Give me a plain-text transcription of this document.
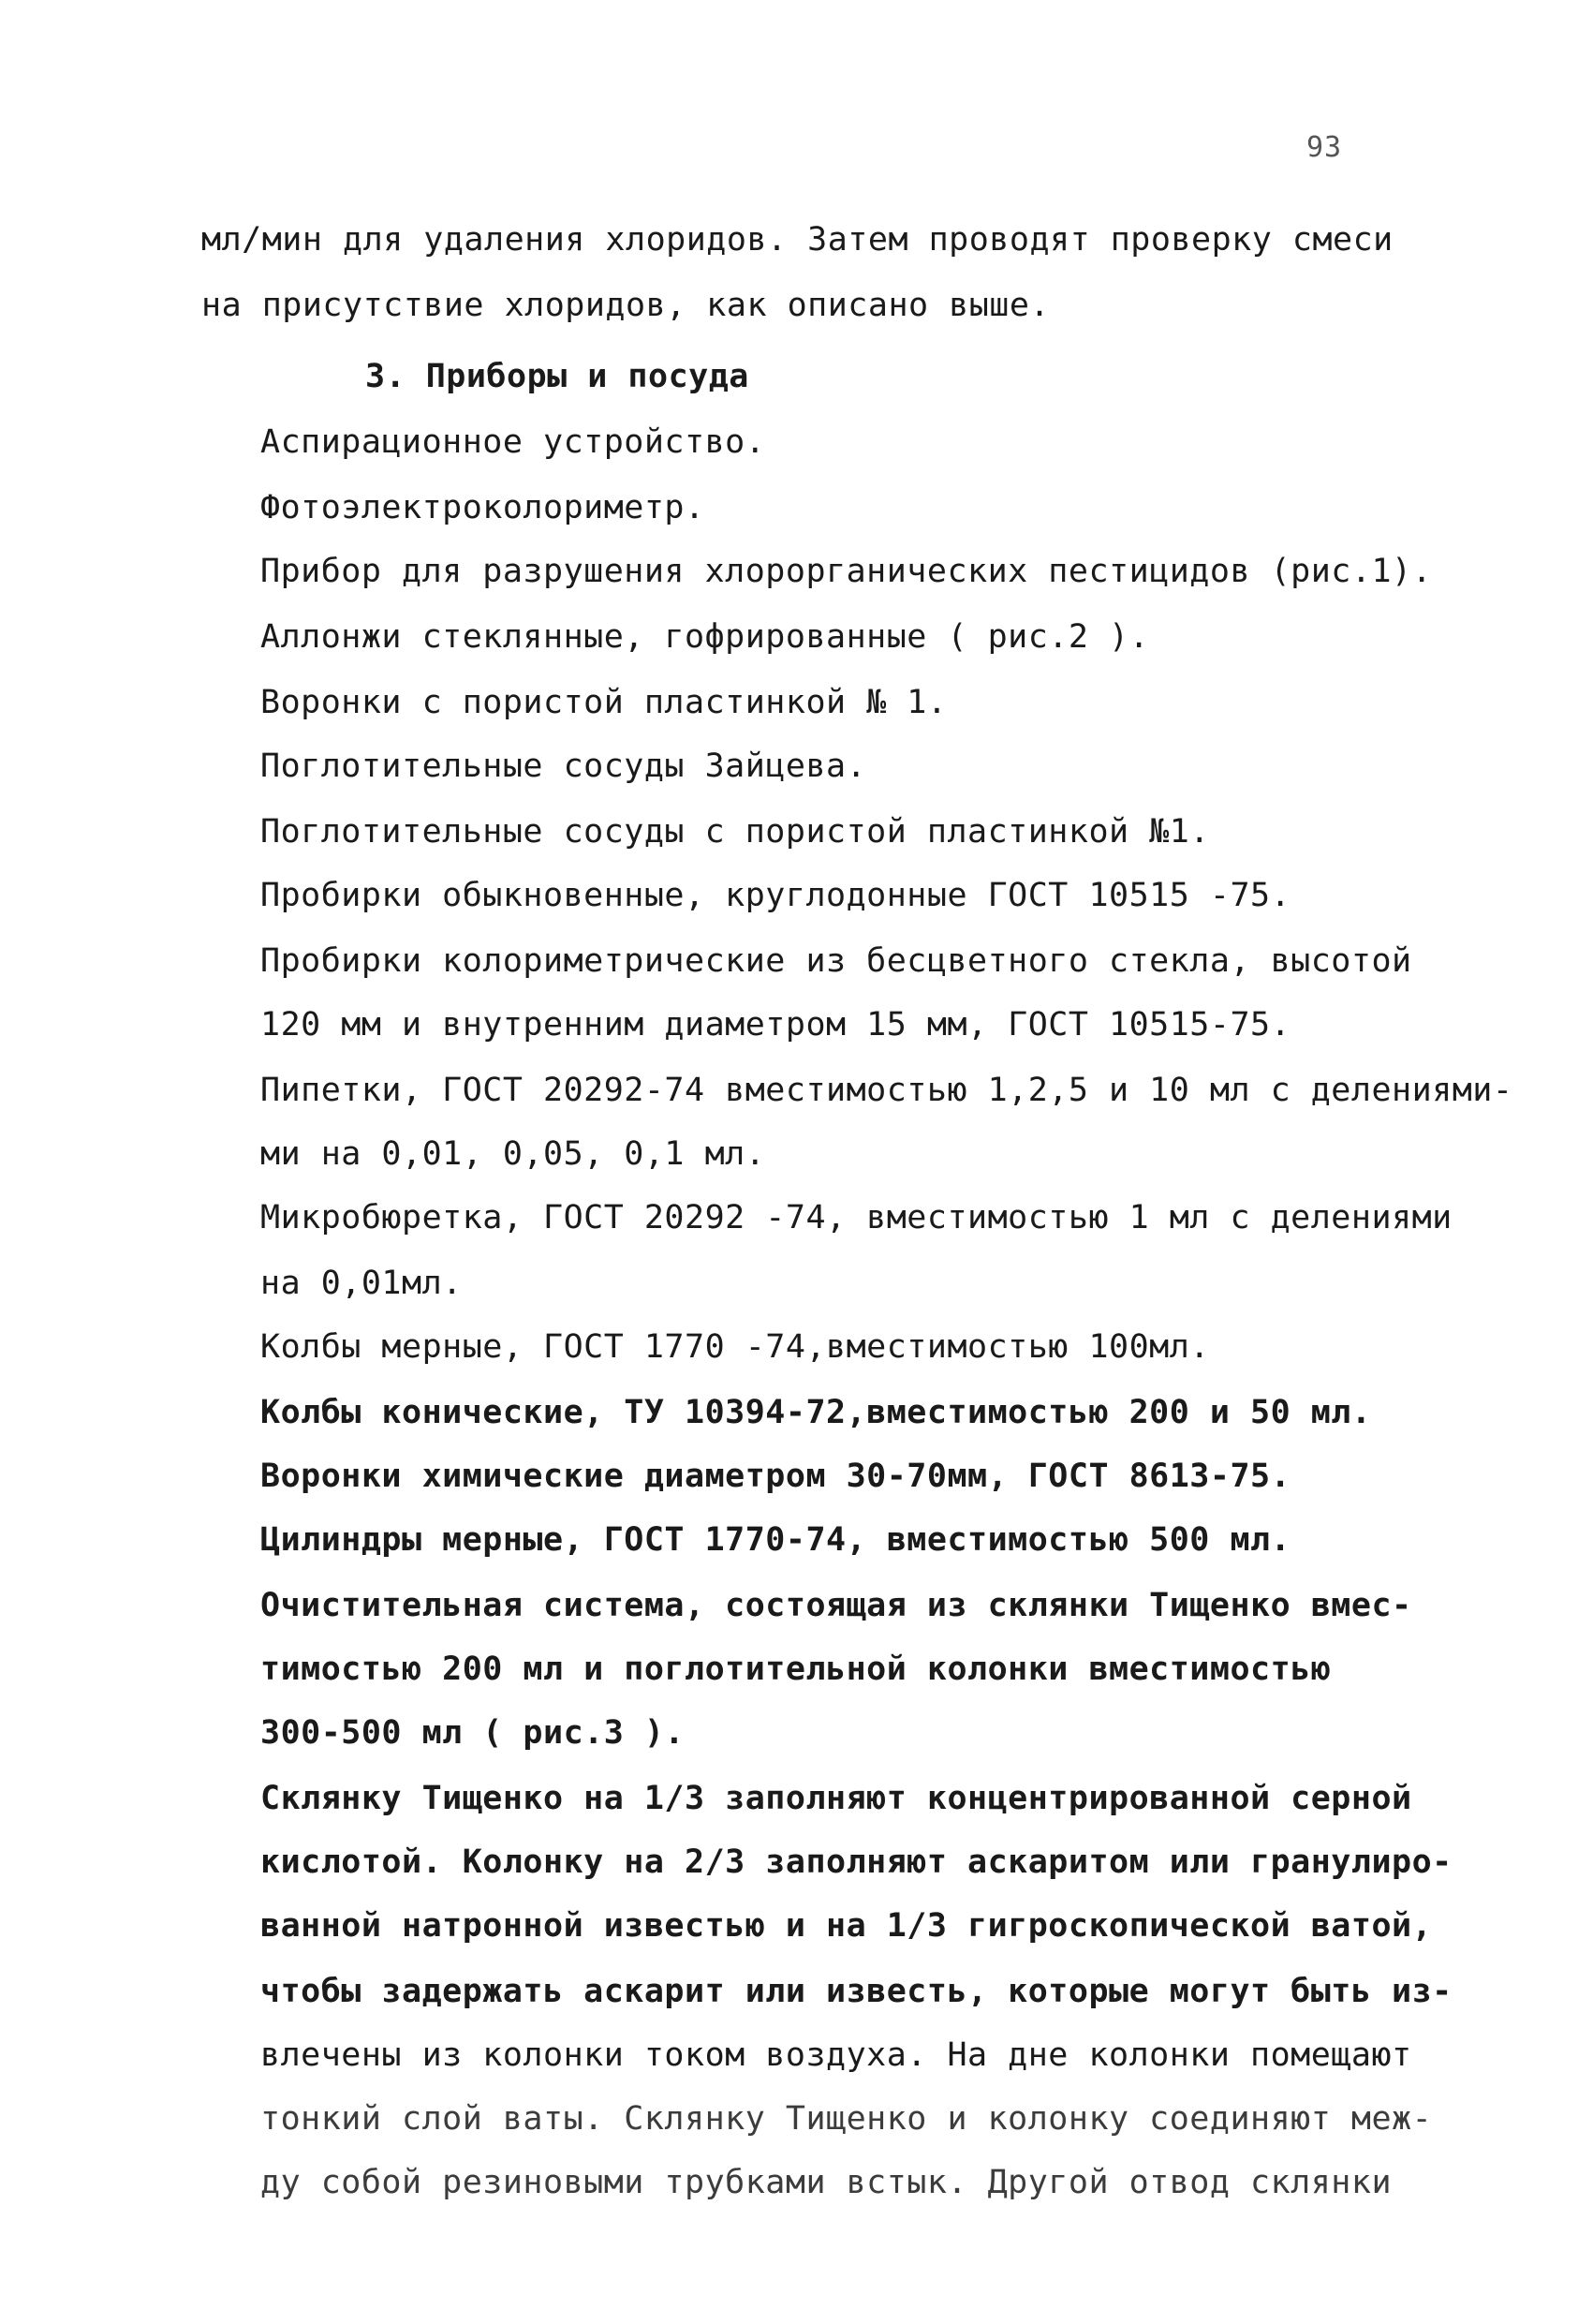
93
мл/мин для удаления хлоридов. Затем проводят проверку смеси
на присутствие хлоридов, как описано выше.
3. Приборы и посуда
Аспирационное устройство.
Фотоэлектроколориметр.
Прибор для разрушения хлорорганических пестицидов (рис.1).
Аллонжи стеклянные, гофрированные ( рис.2 ).
Воронки с пористой пластинкой № 1.
Поглотительные сосуды Зайцева.
Поглотительные сосуды с пористой пластинкой №1.
Пробирки обыкновенные, круглодонные ГОСТ 10515 -75.
Пробирки колориметрические из бесцветного стекла, высотой
120 мм и внутренним диаметром 15 мм, ГОСТ 10515-75.
Пипетки, ГОСТ 20292-74 вместимостью 1,2,5 и 10 мл с делениями-
ми на 0,01, 0,05, 0,1 мл.
Микробюретка, ГОСТ 20292 -74, вместимостью 1 мл с делениями
на 0,01мл.
Колбы мерные, ГОСТ 1770 -74,вместимостью 100мл.
Колбы конические, ТУ 10394-72,вместимостью 200 и 50 мл.
Воронки химические диаметром 30-70мм, ГОСТ 8613-75.
Цилиндры мерные, ГОСТ 1770-74, вместимостью 500 мл.
Очистительная система, состоящая из склянки Тищенко вмес-
тимостью 200 мл и поглотительной колонки вместимостью
300-500 мл ( рис.3 ).
Склянку Тищенко на 1/3 заполняют концентрированной серной
кислотой. Колонку на 2/3 заполняют аскаритом или гранулиро-
ванной натронной известью и на 1/3 гигроскопической ватой,
чтобы задержать аскарит или известь, которые могут быть из-
влечены из колонки током воздуха. На дне колонки помещают
тонкий слой ваты. Склянку Тищенко и колонку соединяют меж-
ду собой резиновыми трубками встык. Другой отвод склянки
